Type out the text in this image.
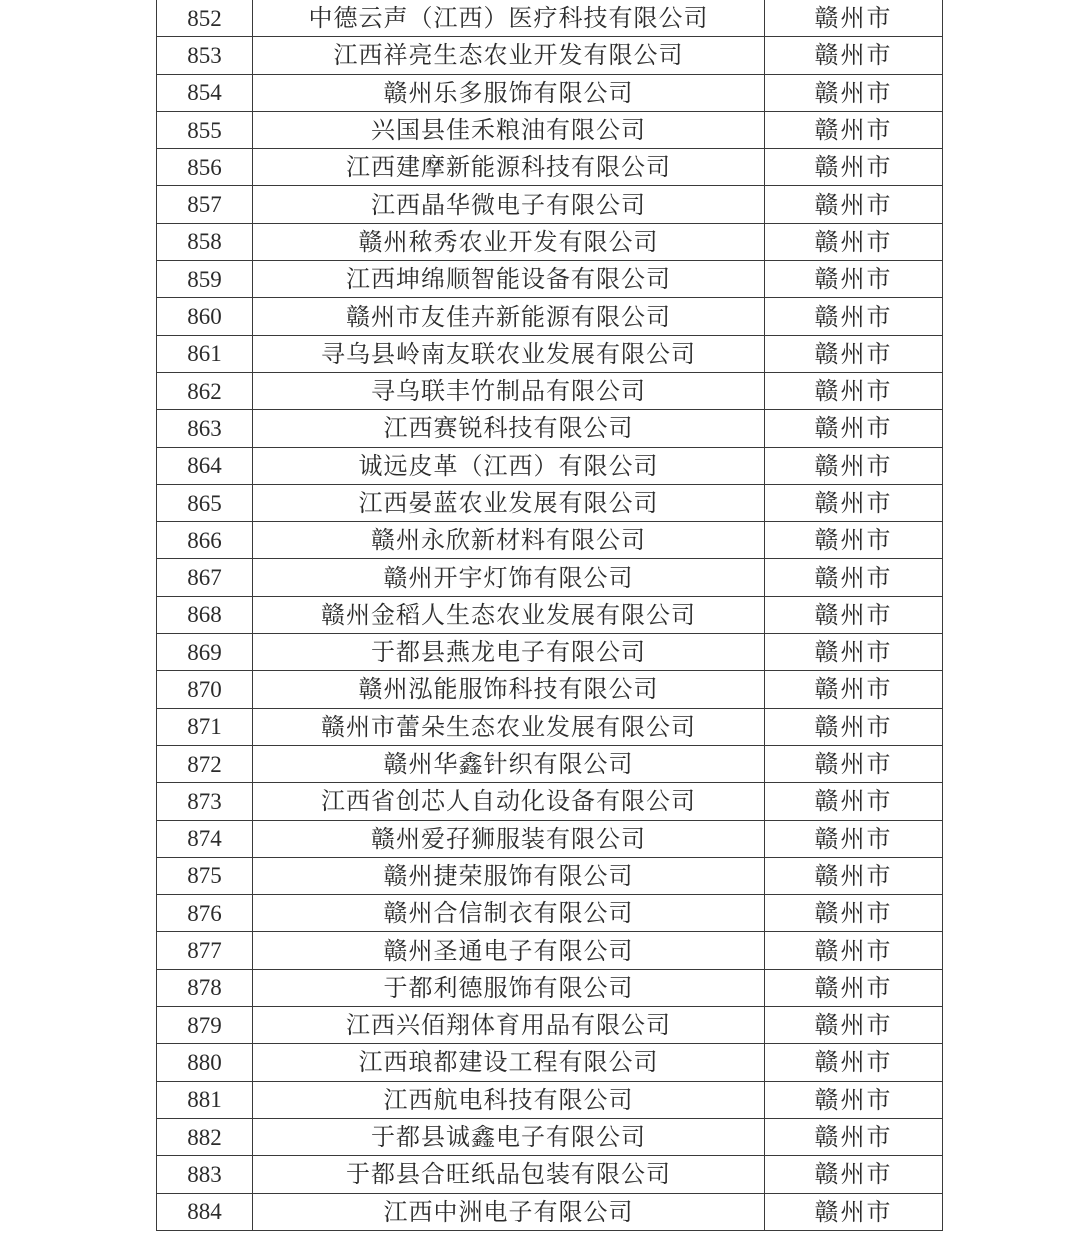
852	中德云声（江西）医疗科技有限公司	赣州市
853	江西祥亮生态农业开发有限公司	赣州市
854	赣州乐多服饰有限公司	赣州市
855	兴国县佳禾粮油有限公司	赣州市
856	江西建摩新能源科技有限公司	赣州市
857	江西晶华微电子有限公司	赣州市
858	赣州秾秀农业开发有限公司	赣州市
859	江西坤绵顺智能设备有限公司	赣州市
860	赣州市友佳卉新能源有限公司	赣州市
861	寻乌县岭南友联农业发展有限公司	赣州市
862	寻乌联丰竹制品有限公司	赣州市
863	江西赛锐科技有限公司	赣州市
864	诚远皮革（江西）有限公司	赣州市
865	江西晏蓝农业发展有限公司	赣州市
866	赣州永欣新材料有限公司	赣州市
867	赣州开宇灯饰有限公司	赣州市
868	赣州金稻人生态农业发展有限公司	赣州市
869	于都县燕龙电子有限公司	赣州市
870	赣州泓能服饰科技有限公司	赣州市
871	赣州市蕾朵生态农业发展有限公司	赣州市
872	赣州华鑫针织有限公司	赣州市
873	江西省创芯人自动化设备有限公司	赣州市
874	赣州爱孖狮服装有限公司	赣州市
875	赣州捷荣服饰有限公司	赣州市
876	赣州合信制衣有限公司	赣州市
877	赣州圣通电子有限公司	赣州市
878	于都利德服饰有限公司	赣州市
879	江西兴佰翔体育用品有限公司	赣州市
880	江西琅都建设工程有限公司	赣州市
881	江西航电科技有限公司	赣州市
882	于都县诚鑫电子有限公司	赣州市
883	于都县合旺纸品包装有限公司	赣州市
884	江西中洲电子有限公司	赣州市
